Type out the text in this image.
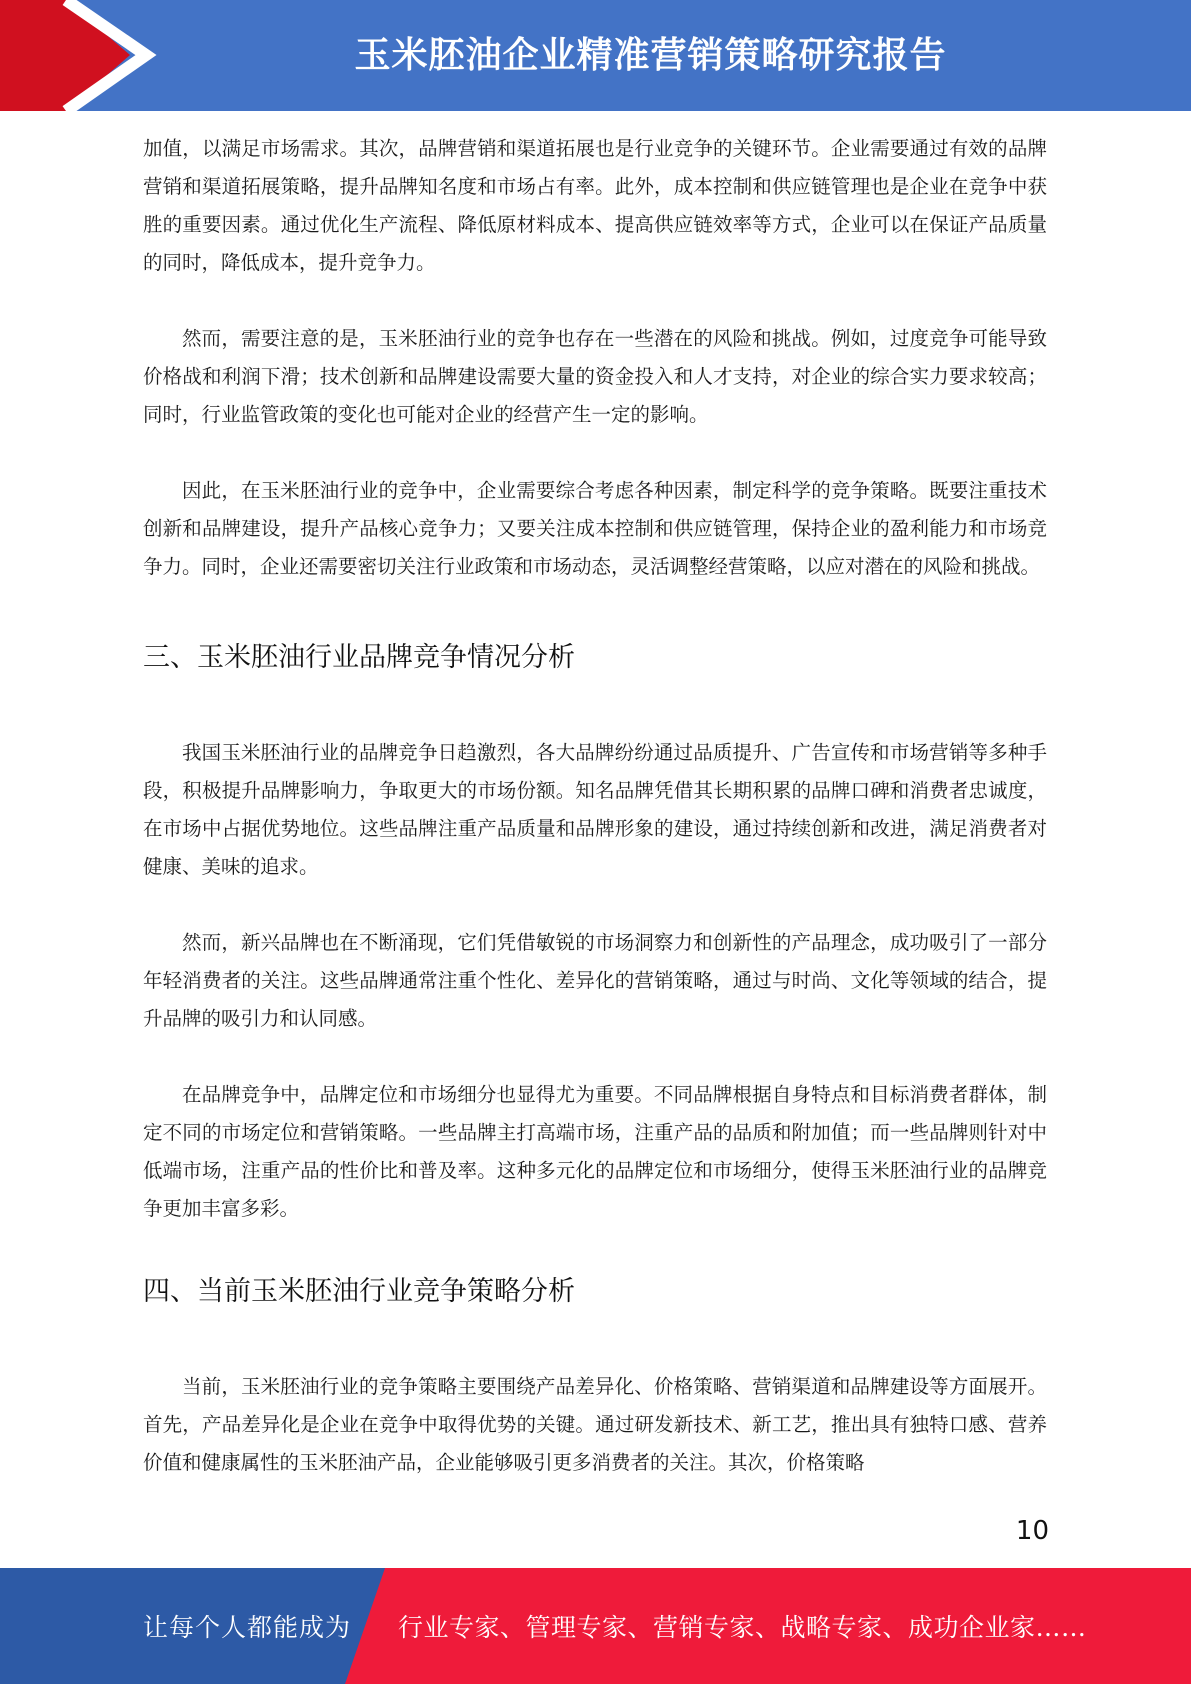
玉米胚油企业精准营销策略研究报告

加值，以满足市场需求。其次，品牌营销和渠道拓展也是行业竞争的关键环节。企业需要通过有效的品牌营销和渠道拓展策略，提升品牌知名度和市场占有率。此外，成本控制和供应链管理也是企业在竞争中获胜的重要因素。通过优化生产流程、降低原材料成本、提高供应链效率等方式，企业可以在保证产品质量的同时，降低成本，提升竞争力。

然而，需要注意的是，玉米胚油行业的竞争也存在一些潜在的风险和挑战。例如，过度竞争可能导致价格战和利润下滑；技术创新和品牌建设需要大量的资金投入和人才支持，对企业的综合实力要求较高；同时，行业监管政策的变化也可能对企业的经营产生一定的影响。

因此，在玉米胚油行业的竞争中，企业需要综合考虑各种因素，制定科学的竞争策略。既要注重技术创新和品牌建设，提升产品核心竞争力；又要关注成本控制和供应链管理，保持企业的盈利能力和市场竞争力。同时，企业还需要密切关注行业政策和市场动态，灵活调整经营策略，以应对潜在的风险和挑战。

三、玉米胚油行业品牌竞争情况分析

我国玉米胚油行业的品牌竞争日趋激烈，各大品牌纷纷通过品质提升、广告宣传和市场营销等多种手段，积极提升品牌影响力，争取更大的市场份额。知名品牌凭借其长期积累的品牌口碑和消费者忠诚度，在市场中占据优势地位。这些品牌注重产品质量和品牌形象的建设，通过持续创新和改进，满足消费者对健康、美味的追求。

然而，新兴品牌也在不断涌现，它们凭借敏锐的市场洞察力和创新性的产品理念，成功吸引了一部分年轻消费者的关注。这些品牌通常注重个性化、差异化的营销策略，通过与时尚、文化等领域的结合，提升品牌的吸引力和认同感。

在品牌竞争中，品牌定位和市场细分也显得尤为重要。不同品牌根据自身特点和目标消费者群体，制定不同的市场定位和营销策略。一些品牌主打高端市场，注重产品的品质和附加值；而一些品牌则针对中低端市场，注重产品的性价比和普及率。这种多元化的品牌定位和市场细分，使得玉米胚油行业的品牌竞争更加丰富多彩。

四、当前玉米胚油行业竞争策略分析

当前，玉米胚油行业的竞争策略主要围绕产品差异化、价格策略、营销渠道和品牌建设等方面展开。首先，产品差异化是企业在竞争中取得优势的关键。通过研发新技术、新工艺，推出具有独特口感、营养价值和健康属性的玉米胚油产品，企业能够吸引更多消费者的关注。其次，价格策略

10
让每个人都能成为 行业专家、管理专家、营销专家、战略专家、成功企业家……
